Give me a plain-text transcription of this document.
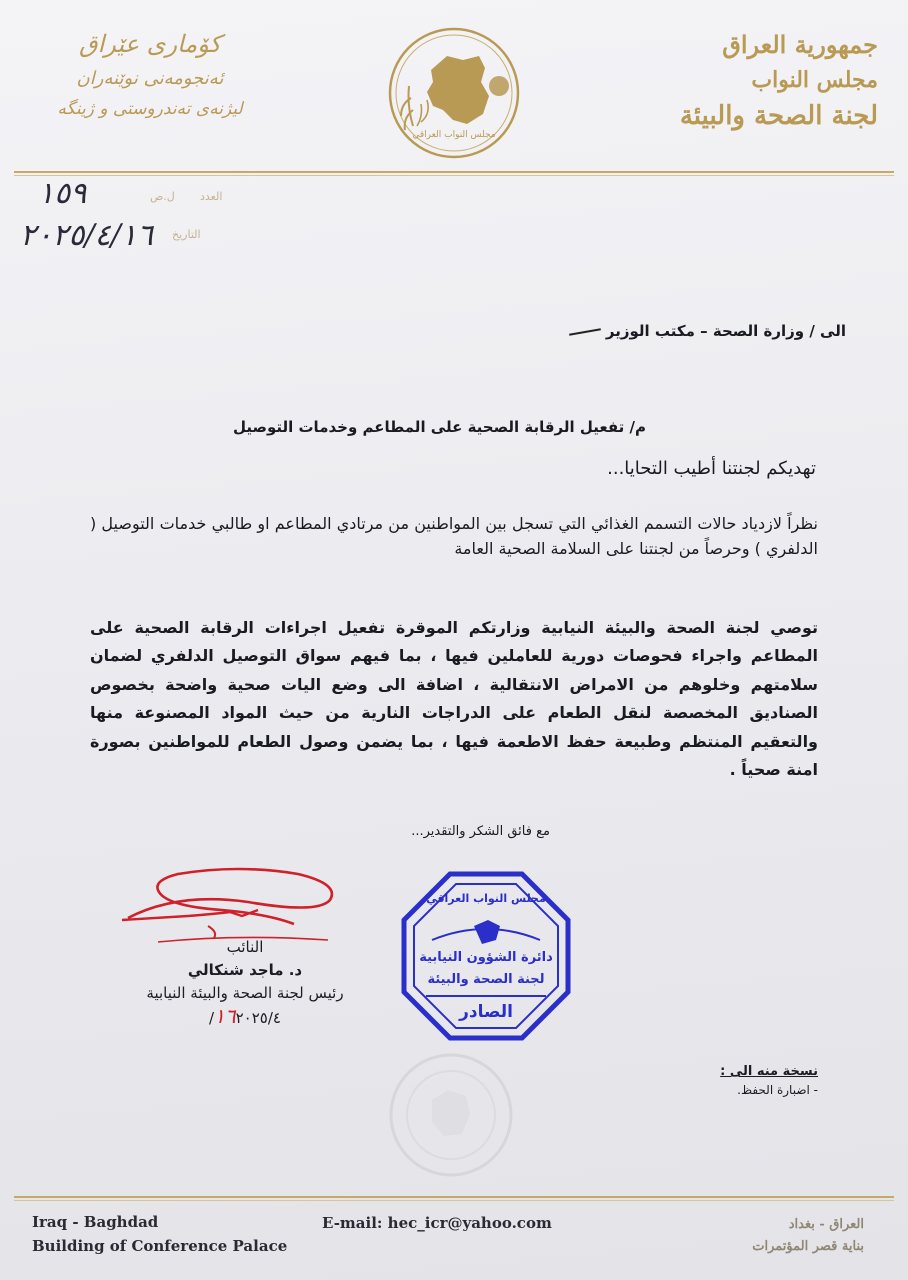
جمهورية العراق
مجلس النواب
لجنة الصحة والبيئة
كۆماری عێراق
ئەنجومەنی نوێنەران
لیژنەی تەندروستی و ژینگە
مجلس النواب العراقي
العدد
ل.ص
١٥٩
التاريخ
٢٠٢٥/٤/١٦
الى / وزارة الصحة – مكتب الوزير
م/ تفعيل الرقابة الصحية على المطاعم وخدمات التوصيل
تهديكم لجنتنا أطيب التحايا...
نظراً لازدياد حالات التسمم الغذائي التي تسجل بين المواطنين من مرتادي المطاعم او طالبي خدمات التوصيل ( الدلفري ) وحرصاً من لجنتنا على السلامة الصحية العامة
توصي لجنة الصحة والبيئة النيابية وزارتكم الموقرة تفعيل اجراءات الرقابة الصحية على المطاعم واجراء فحوصات دورية للعاملين فيها ، بما فيهم سواق التوصيل الدلفري لضمان سلامتهم وخلوهم من الامراض الانتقالية ، اضافة الى وضع اليات صحية واضحة بخصوص الصناديق المخصصة لنقل الطعام على الدراجات النارية من حيث المواد المصنوعة منها والتعقيم المنتظم وطبيعة حفظ الاطعمة فيها ، بما يضمن وصول الطعام للمواطنين بصورة امنة صحياً .
مع فائق الشكر والتقدير...
النائب
د. ماجد شنكالي
رئيس لجنة الصحة والبيئة النيابية
١٦٢٠٢٥/٤/
مجلس النواب العراقي
دائرة الشؤون النيابية
لجنة الصحة والبيئة
الصادر
نسخة منه الى :
- اضبارة الحفظ.
Iraq - Baghdad
Building of Conference Palace
E-mail: hec_icr@yahoo.com	العراق - بغداد
بناية قصر المؤتمرات
